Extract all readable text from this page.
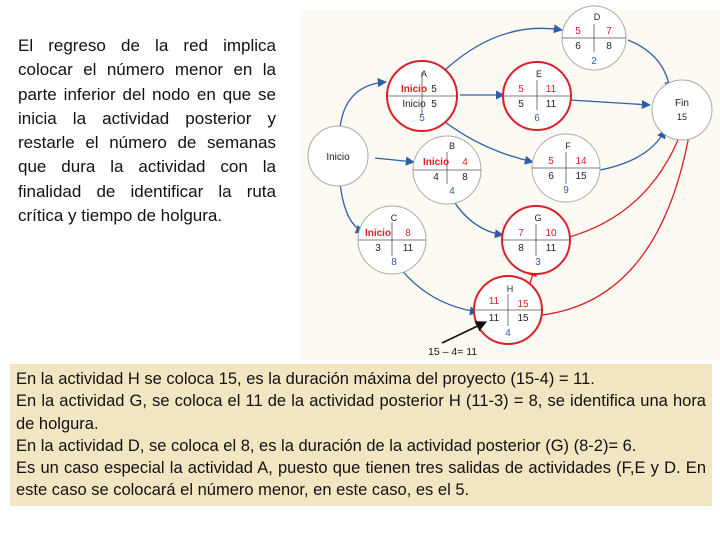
El regreso de la red implica colocar el número menor en la parte inferior del nodo en que se inicia la actividad posterior y restarle el número de semanas que dura la actividad con la finalidad de identificar la ruta crítica y tiempo de holgura.

Inicio
Fin
15
A
Inicio 5
Inicio 5
5
B
Inicio 4
4 8
4
C
Inicio 8
3 11
8
D
5	7
6	8
2
E
5 11
5 11
6
F
5 14
6 15
9
G
7 10
8 11
3
H
11 15
11 15
4
15 – 4= 11

En la actividad H se coloca 15, es la duración máxima del proyecto (15-4) = 11.

En la actividad G, se coloca el 11 de la actividad posterior H (11-3) = 8, se identifica una hora de holgura.

En la actividad D, se coloca el 8, es la duración de la actividad posterior (G) (8-2)= 6.

Es un caso especial la actividad A, puesto que tienen tres salidas de actividades (F,E y D. En este caso se colocará el número menor, en este caso, es el 5.
